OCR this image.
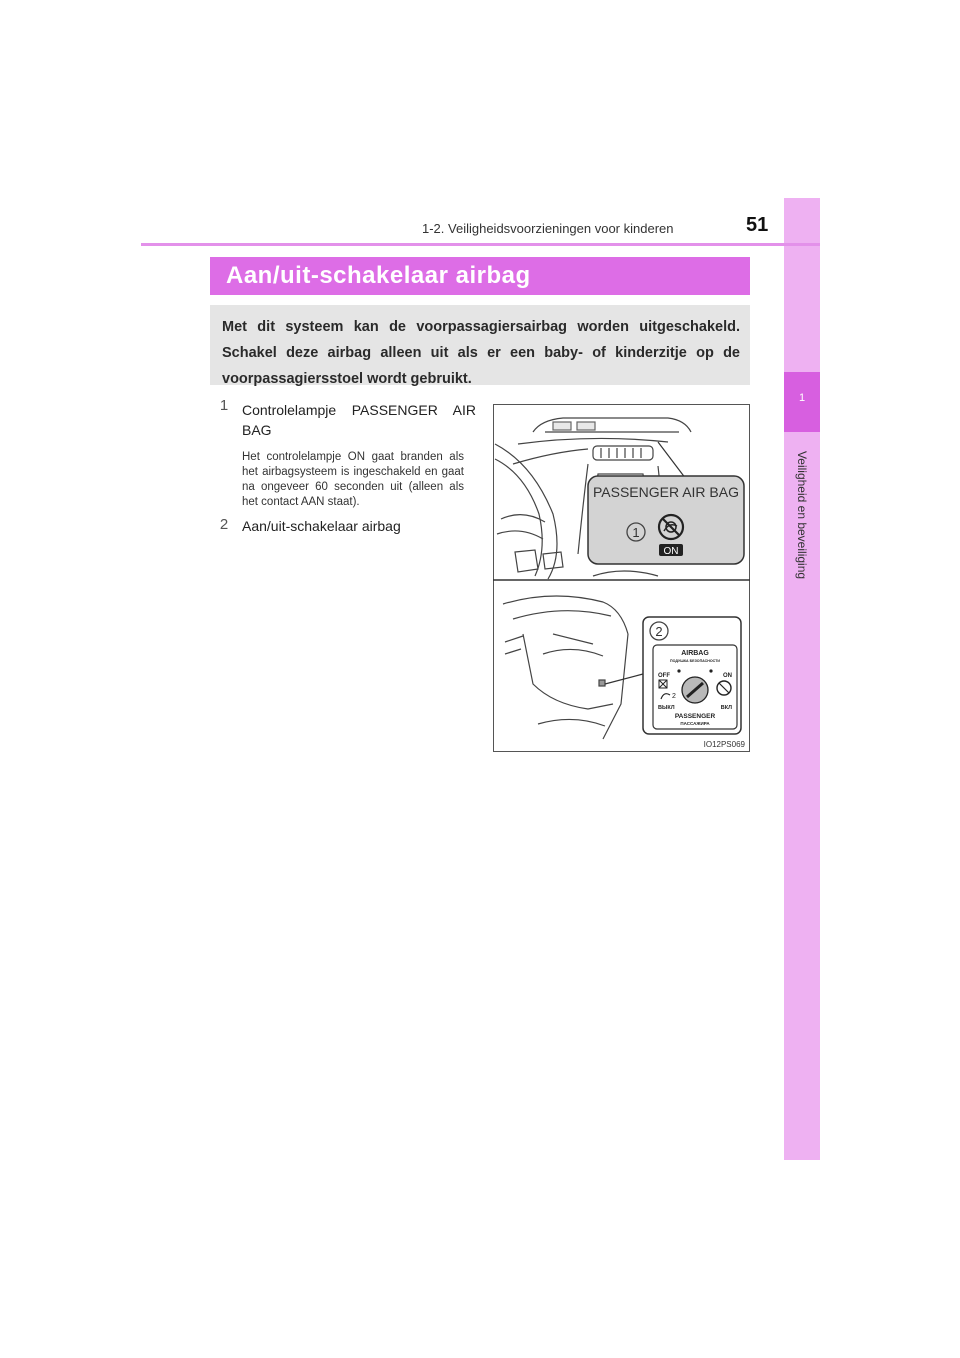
1
Veiligheid en beveiliging
1-2. Veiligheidsvoorzieningen voor kinderen	51
Aan/uit-schakelaar airbag
Met dit systeem kan de voorpassagiersairbag worden uitgeschakeld. Schakel deze airbag alleen uit als er een baby- of kinderzitje op de voorpassagiersstoel wordt gebruikt.
1 Controlelampje PASSENGER AIR BAG
Het controlelampje ON gaat branden als het airbagsysteem is ingeschakeld en gaat na ongeveer 60 seconden uit (alleen als het contact AAN staat).
2 Aan/uit-schakelaar airbag
PASSENGER AIR BAG
1
ON
2
AIRBAG
ПОДУШКА БЕЗОПАСНОСТИ
OFF	ON
2
ВЫКЛ	ВКЛ
PASSENGER
ПАССАЖИРА
IO12PS069
